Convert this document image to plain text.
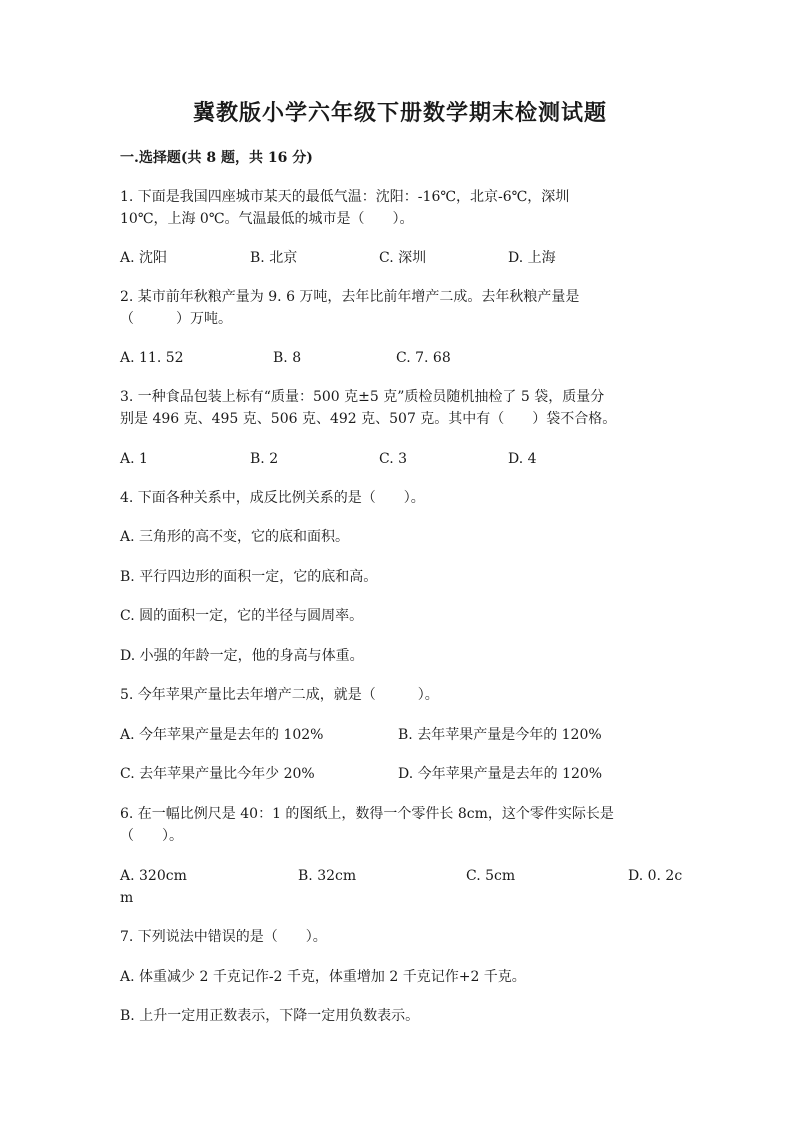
冀教版小学六年级下册数学期末检测试题
一.选择题(共 8 题，共 16 分)
1. 下面是我国四座城市某天的最低气温：沈阳：-16℃，北京-6℃，深圳
10℃，上海 0℃。气温最低的城市是（　　）。
A. 沈阳	B. 北京	C. 深圳	D. 上海
2. 某市前年秋粮产量为 9. 6 万吨，去年比前年增产二成。去年秋粮产量是
（　　　）万吨。
A. 11. 52	B. 8	C. 7. 68
3. 一种食品包装上标有“质量：500 克±5 克”质检员随机抽检了 5 袋，质量分
别是 496 克、495 克、506 克、492 克、507 克。其中有（　　）袋不合格。
A. 1	B. 2	C. 3	D. 4
4. 下面各种关系中，成反比例关系的是（　　）。
A. 三角形的高不变，它的底和面积。
B. 平行四边形的面积一定，它的底和高。
C. 圆的面积一定，它的半径与圆周率。
D. 小强的年龄一定，他的身高与体重。
5. 今年苹果产量比去年增产二成，就是（　　　）。
A. 今年苹果产量是去年的 102%	B. 去年苹果产量是今年的 120%
C. 去年苹果产量比今年少 20%	D. 今年苹果产量是去年的 120%
6. 在一幅比例尺是 40：1 的图纸上，数得一个零件长 8cm，这个零件实际长是
（　　）。
A. 320cm	B. 32cm	C. 5cm	D. 0. 2c
m
7. 下列说法中错误的是（　　）。
A. 体重减少 2 千克记作-2 千克，体重增加 2 千克记作+2 千克。
B. 上升一定用正数表示，下降一定用负数表示。
